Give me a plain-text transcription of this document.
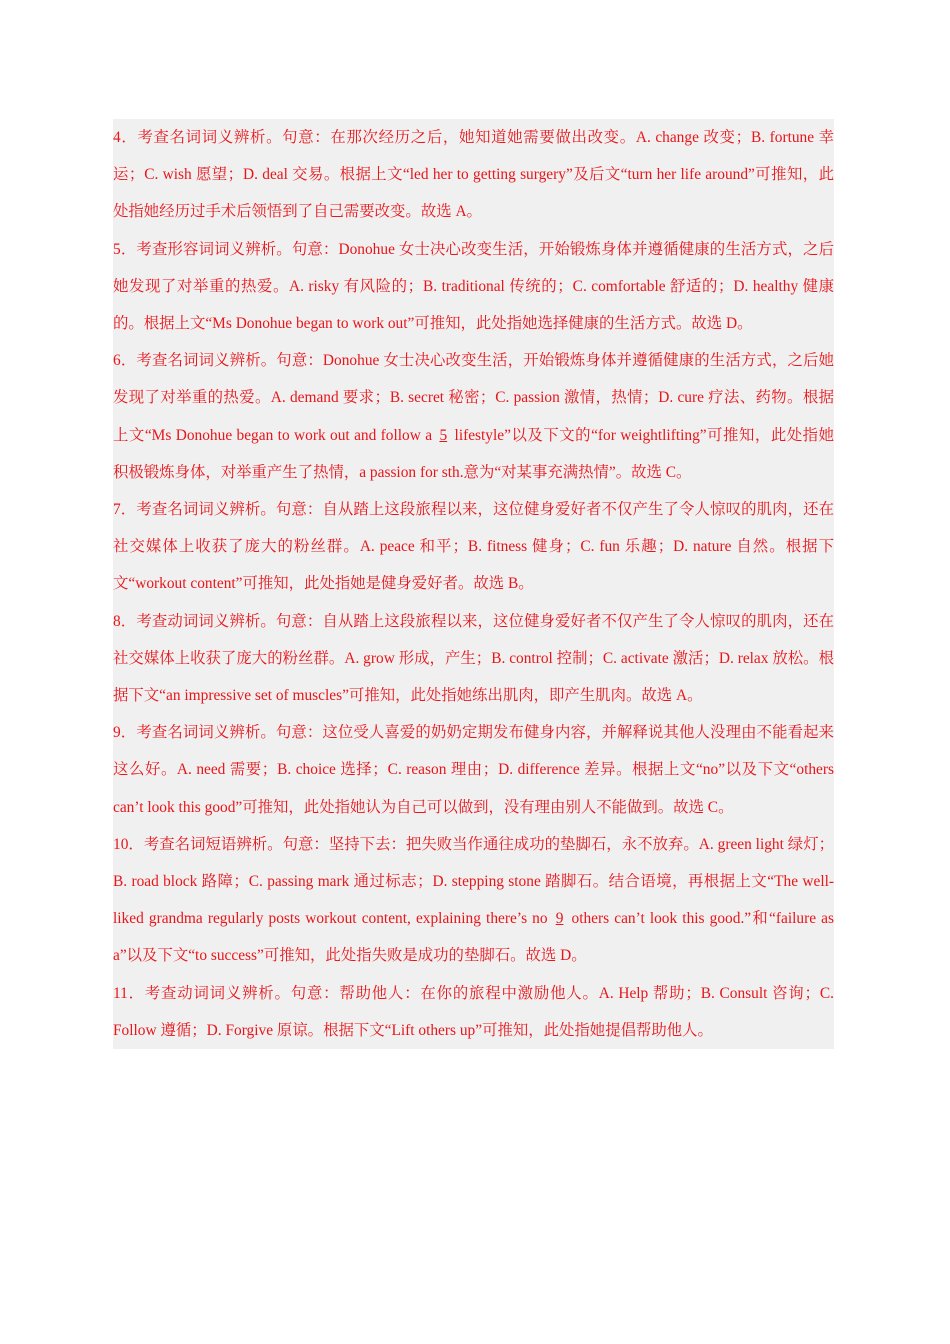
4．考查名词词义辨析。句意：在那次经历之后，她知道她需要做出改变。A. change 改变；B. fortune 幸运；C. wish 愿望；D. deal 交易。根据上文“led her to getting surgery”及后文“turn her life around”可推知，此处指她经历过手术后领悟到了自己需要改变。故选 A。

5．考查形容词词义辨析。句意：Donohue 女士决心改变生活，开始锻炼身体并遵循健康的生活方式，之后她发现了对举重的热爱。A. risky 有风险的；B. traditional 传统的；C. comfortable 舒适的；D. healthy 健康的。根据上文“Ms Donohue began to work out”可推知，此处指她选择健康的生活方式。故选 D。

6．考查名词词义辨析。句意：Donohue 女士决心改变生活，开始锻炼身体并遵循健康的生活方式，之后她发现了对举重的热爱。A. demand 要求；B. secret 秘密；C. passion 激情，热情；D. cure 疗法、药物。根据上文“Ms Donohue began to work out and follow a 5 lifestyle”以及下文的“for weightlifting”可推知，此处指她积极锻炼身体，对举重产生了热情，a passion for sth.意为“对某事充满热情”。故选 C。

7．考查名词词义辨析。句意：自从踏上这段旅程以来，这位健身爱好者不仅产生了令人惊叹的肌肉，还在社交媒体上收获了庞大的粉丝群。A. peace 和平；B. fitness 健身；C. fun 乐趣；D. nature 自然。根据下文“workout content”可推知，此处指她是健身爱好者。故选 B。

8．考查动词词义辨析。句意：自从踏上这段旅程以来，这位健身爱好者不仅产生了令人惊叹的肌肉，还在社交媒体上收获了庞大的粉丝群。A. grow 形成，产生；B. control 控制；C. activate 激活；D. relax 放松。根据下文“an impressive set of muscles”可推知，此处指她练出肌肉，即产生肌肉。故选 A。

9．考查名词词义辨析。句意：这位受人喜爱的奶奶定期发布健身内容，并解释说其他人没理由不能看起来这么好。A. need 需要；B. choice 选择；C. reason 理由；D. difference 差异。根据上文“no”以及下文“others can’t look this good”可推知，此处指她认为自己可以做到，没有理由别人不能做到。故选 C。

10．考查名词短语辨析。句意：坚持下去：把失败当作通往成功的垫脚石，永不放弃。A. green light 绿灯；B. road block 路障；C. passing mark 通过标志；D. stepping stone 踏脚石。结合语境，再根据上文“The well-liked grandma regularly posts workout content, explaining there’s no 9 others can’t look this good.”和“failure as a”以及下文“to success”可推知，此处指失败是成功的垫脚石。故选 D。

11．考查动词词义辨析。句意：帮助他人：在你的旅程中激励他人。A. Help 帮助；B. Consult 咨询；C. Follow 遵循；D. Forgive 原谅。根据下文“Lift others up”可推知，此处指她提倡帮助他人。
